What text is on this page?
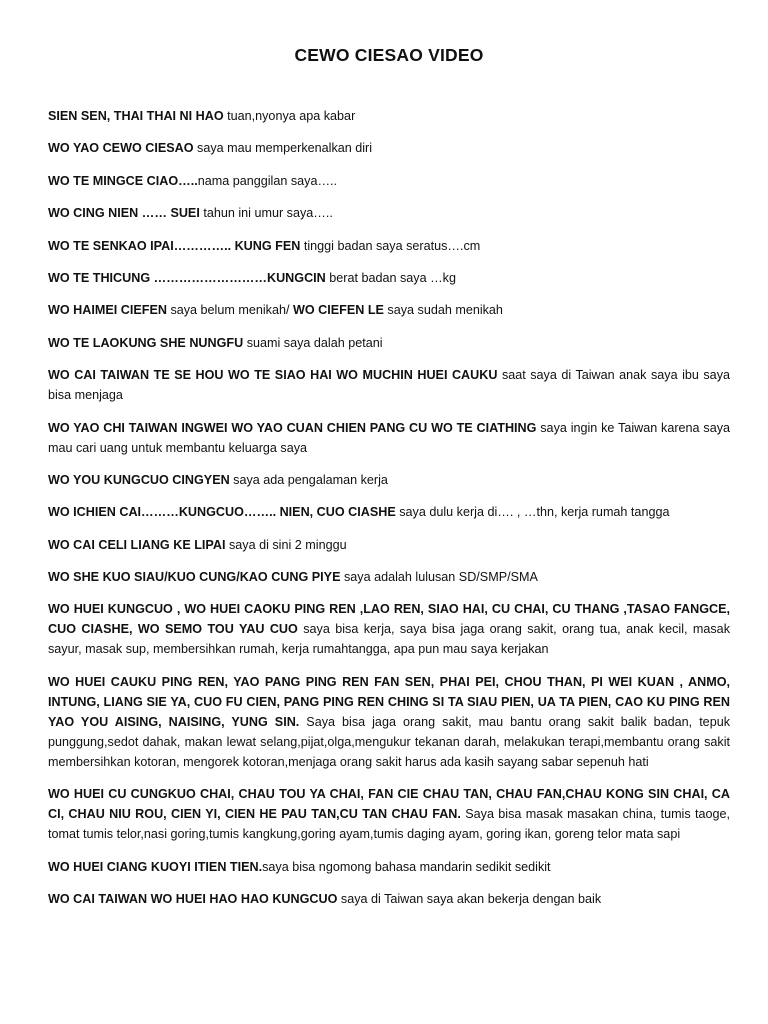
CEWO CIESAO VIDEO

SIEN SEN, THAI THAI NI HAO tuan,nyonya apa kabar

WO YAO CEWO CIESAO saya mau memperkenalkan diri

WO TE MINGCE CIAO…..nama panggilan saya…..

WO CING NIEN …… SUEI tahun ini umur saya…..

WO TE SENKAO IPAI………….. KUNG FEN tinggi badan saya seratus….cm

WO TE THICUNG ………………………KUNGCIN berat badan saya …kg

WO HAIMEI CIEFEN saya belum menikah/ WO CIEFEN LE saya sudah menikah

WO TE LAOKUNG SHE NUNGFU suami saya dalah petani

WO CAI TAIWAN TE SE HOU WO TE SIAO HAI WO MUCHIN HUEI CAUKU saat saya di Taiwan anak saya ibu saya bisa menjaga

WO YAO CHI TAIWAN INGWEI WO YAO CUAN CHIEN PANG CU WO TE CIATHING saya ingin ke Taiwan karena saya mau cari uang untuk membantu keluarga saya

WO YOU KUNGCUO CINGYEN saya ada pengalaman kerja

WO ICHIEN CAI………KUNGCUO…….. NIEN, CUO CIASHE saya dulu kerja di…. , …thn, kerja rumah tangga

WO CAI CELI LIANG KE LIPAI saya di sini 2 minggu

WO SHE KUO SIAU/KUO CUNG/KAO CUNG PIYE saya adalah lulusan SD/SMP/SMA

WO HUEI KUNGCUO , WO HUEI CAOKU PING REN ,LAO REN, SIAO HAI, CU CHAI, CU THANG ,TASAO FANGCE, CUO CIASHE, WO SEMO TOU YAU CUO saya bisa kerja, saya bisa jaga orang sakit, orang tua, anak kecil, masak sayur, masak sup, membersihkan rumah, kerja rumahtangga, apa pun mau saya kerjakan

WO HUEI CAUKU PING REN, YAO PANG PING REN FAN SEN, PHAI PEI, CHOU THAN, PI WEI KUAN , ANMO, INTUNG, LIANG SIE YA, CUO FU CIEN, PANG PING REN CHING SI TA SIAU PIEN, UA TA PIEN, CAO KU PING REN YAO YOU AISING, NAISING, YUNG SIN. Saya bisa jaga orang sakit, mau bantu orang sakit balik badan, tepuk punggung,sedot dahak, makan lewat selang,pijat,olga,mengukur tekanan darah, melakukan terapi,membantu orang sakit membersihkan kotoran, mengorek kotoran,menjaga orang sakit harus ada kasih sayang sabar sepenuh hati

WO HUEI CU CUNGKUO CHAI, CHAU TOU YA CHAI, FAN CIE CHAU TAN, CHAU FAN,CHAU KONG SIN CHAI, CA CI, CHAU NIU ROU, CIEN YI, CIEN HE PAU TAN,CU TAN CHAU FAN. Saya bisa masak masakan china, tumis taoge, tomat tumis telor,nasi goring,tumis kangkung,goring ayam,tumis daging ayam, goring ikan, goreng telor mata sapi

WO HUEI CIANG KUOYI ITIEN TIEN.saya bisa ngomong bahasa mandarin sedikit sedikit

WO CAI TAIWAN WO HUEI HAO HAO KUNGCUO saya di Taiwan saya akan bekerja dengan baik
